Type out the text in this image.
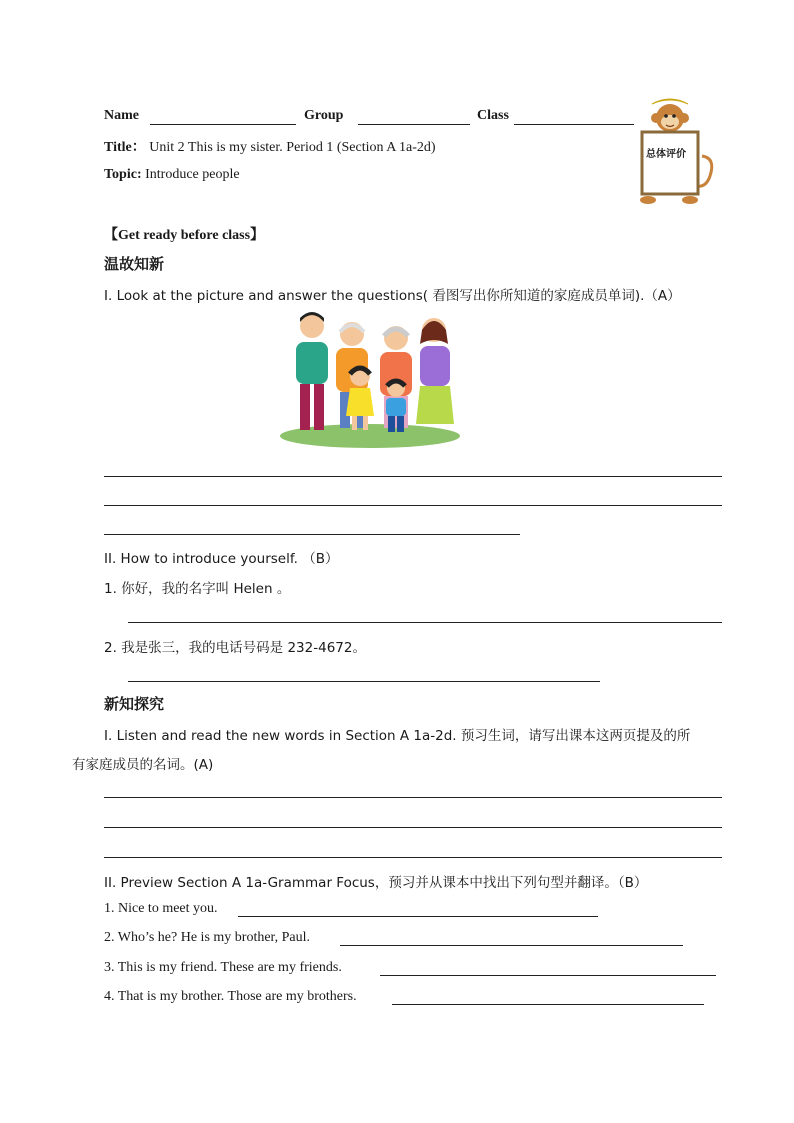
Name	Group	Class
Title： Unit 2 This is my sister. Period 1 (Section A 1a-2d)
Topic: Introduce people
总体评价
【Get ready before class】
温故知新
I. Look at the picture and answer the questions( 看图写出你所知道的家庭成员单词).（A）
II. How to introduce yourself. （B）
1. 你好，我的名字叫 Helen 。
2. 我是张三，我的电话号码是 232-4672。
新知探究
I. Listen and read the new words in Section A 1a-2d. 预习生词，请写出课本这两页提及的所
有家庭成员的名词。(A)
II. Preview Section A 1a-Grammar Focus，预习并从课本中找出下列句型并翻译。（B）
1. Nice to meet you.
2. Who’s he? He is my brother, Paul.
3. This is my friend. These are my friends.
4. That is my brother. Those are my brothers.
